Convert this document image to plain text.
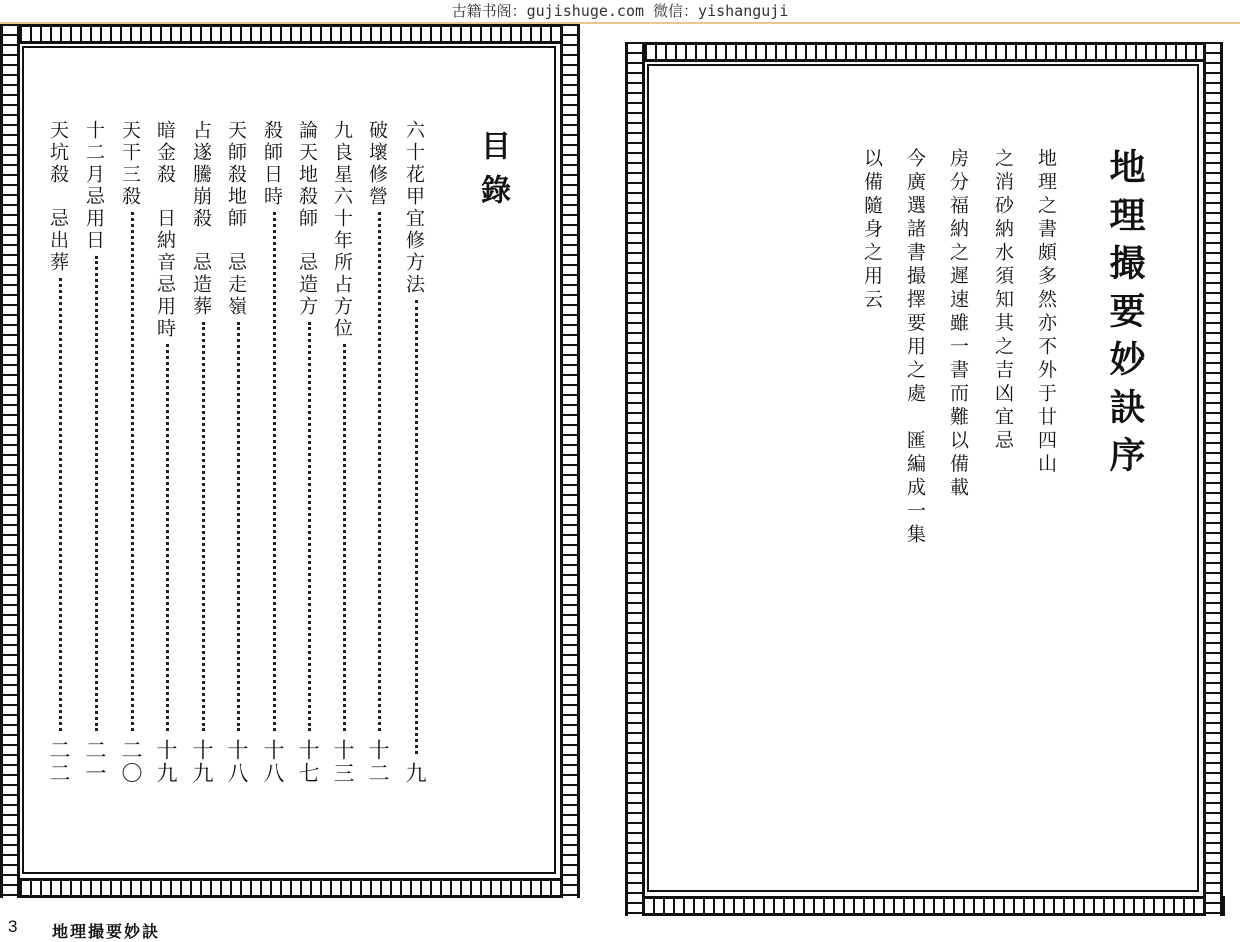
古籍书阁：gujishuge.com 微信：yishanguji
目錄
六十花甲宜修方法
九
破壞修營
十二
九良星六十年所占方位
十三
論天地殺師　忌造方
十七
殺師日時
十八
天師殺地師　忌走嶺
十八
占遂騰崩殺　忌造葬
十九
暗金殺　日納音忌用時
十九
天干三殺
二〇
十二月忌用日
二一
天坑殺　忌出葬
二二
3 地理撮要妙訣
地理撮要妙訣序
地理之書頗多然亦不外于廿四山
之消砂納水須知其之吉凶宜忌
房分福納之遲速雖一書而難以備載
今廣選諸書撮擇要用之處　匯編成一集
以備隨身之用云
